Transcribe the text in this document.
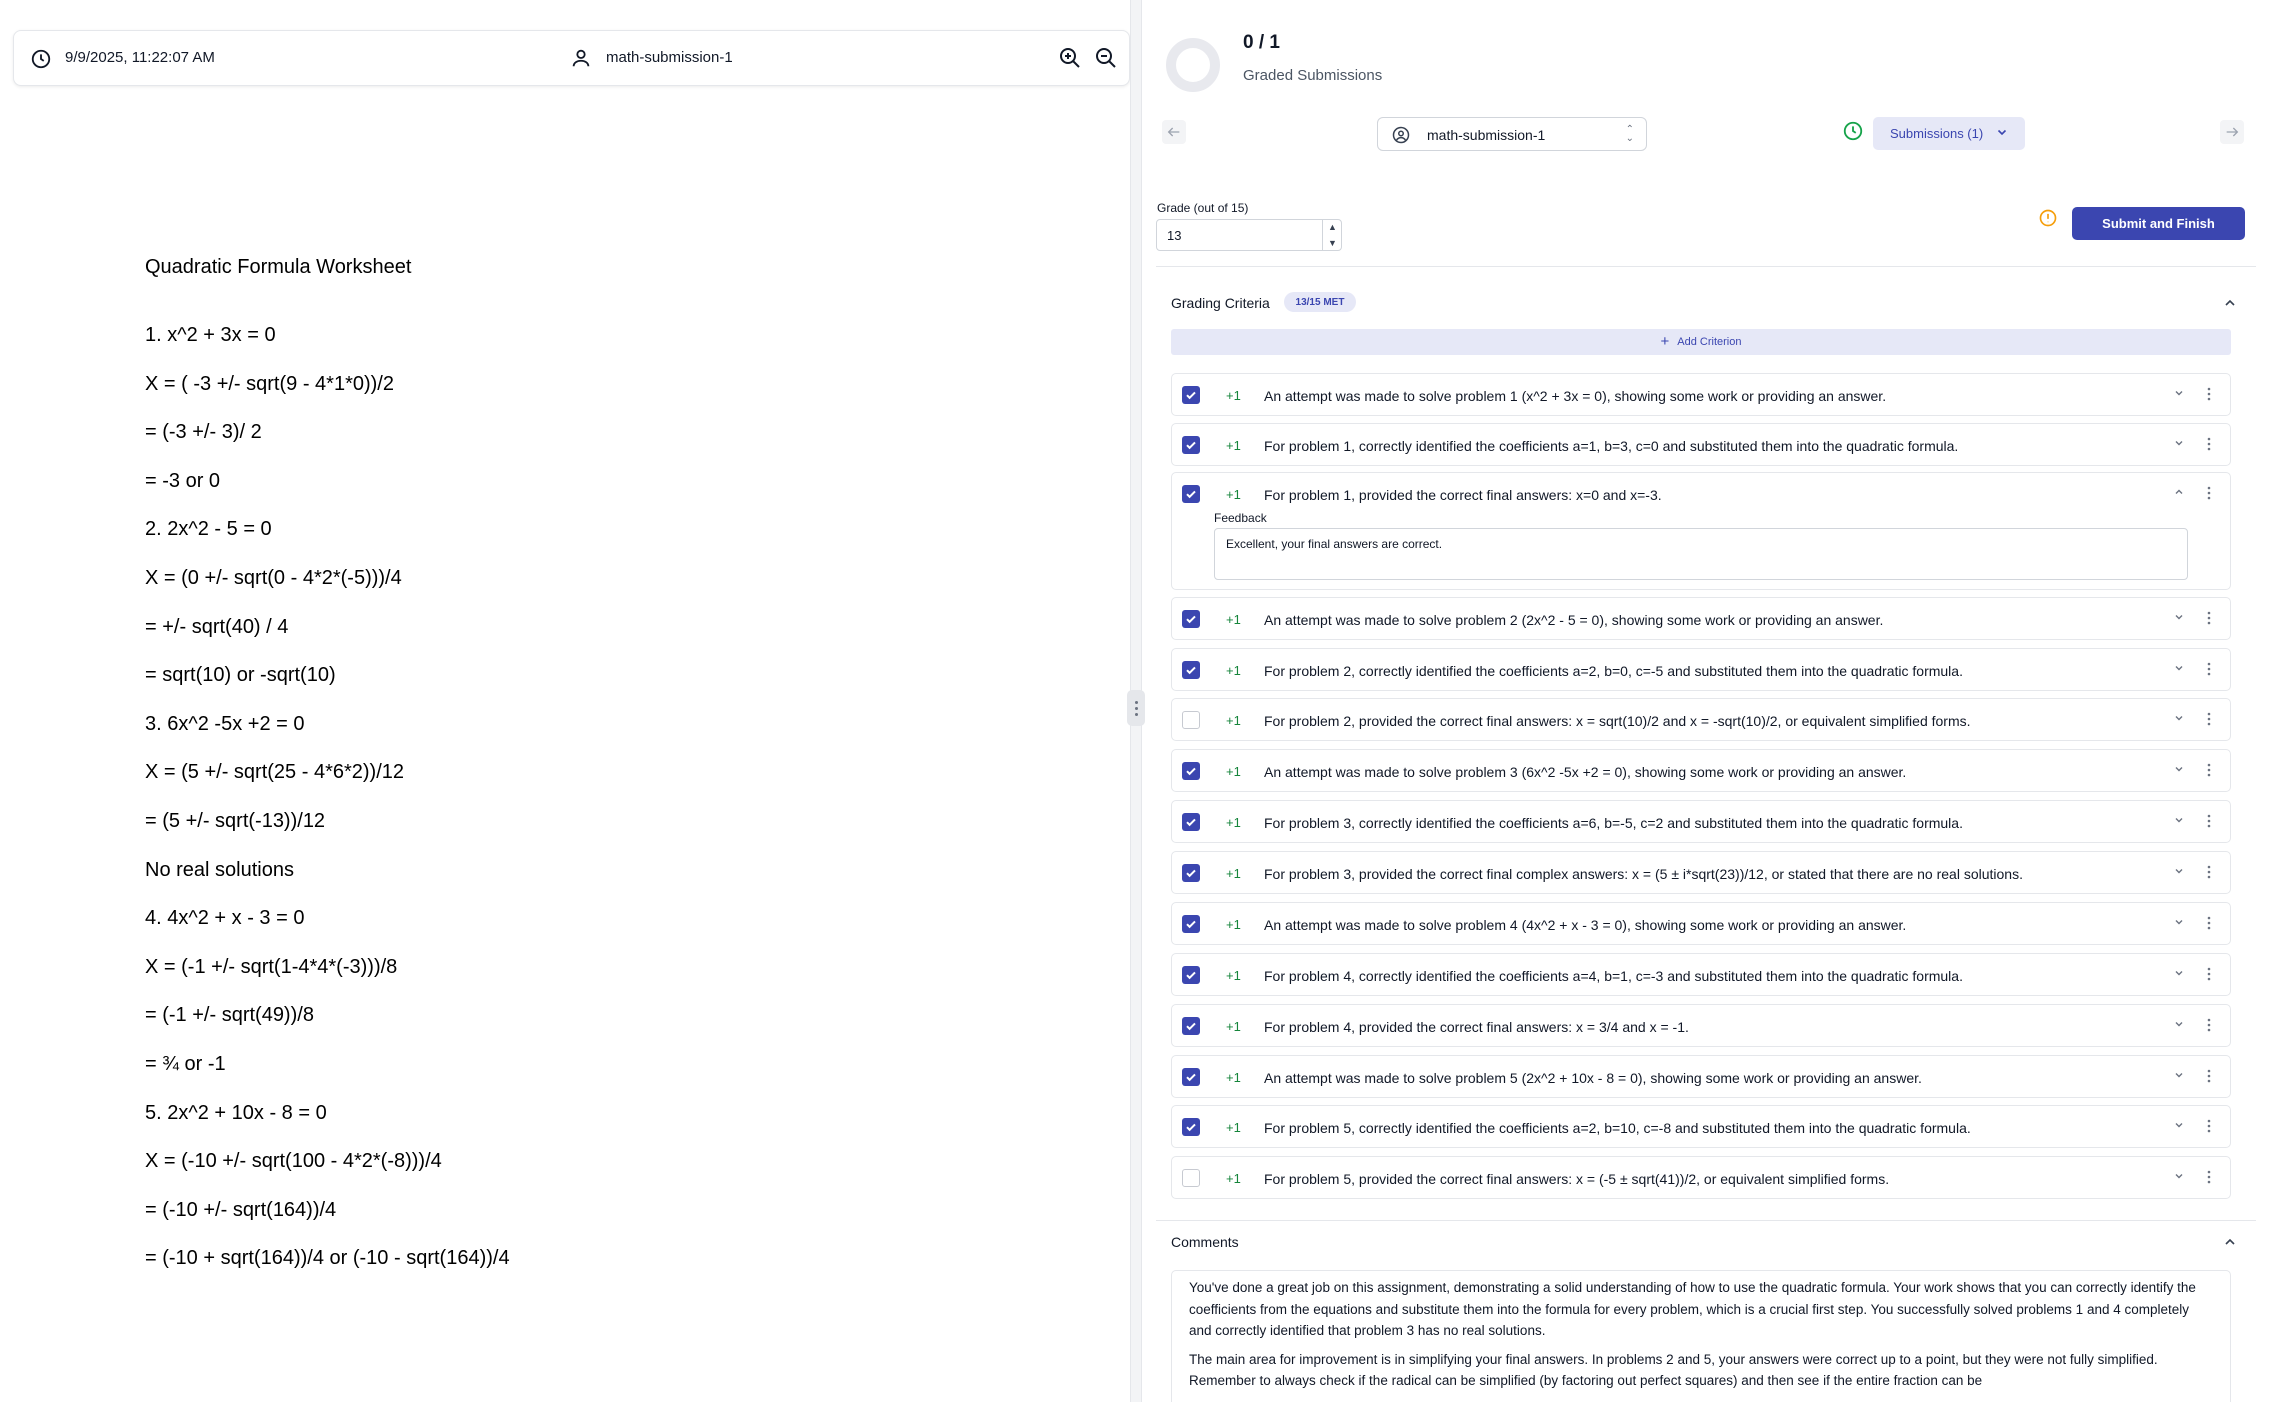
9/9/2025, 11:22:07 AM	math-submission-1
Quadratic Formula Worksheet
1. x^2 + 3x = 0
X = ( -3 +/- sqrt(9 - 4*1*0))/2
= (-3 +/- 3)/ 2
= -3 or 0
2. 2x^2 - 5 = 0
X = (0 +/- sqrt(0 - 4*2*(-5)))/4
= +/- sqrt(40) / 4
= sqrt(10) or -sqrt(10)
3. 6x^2 -5x +2 = 0
X = (5 +/- sqrt(25 - 4*6*2))/12
= (5 +/- sqrt(-13))/12
No real solutions
4. 4x^2 + x - 3 = 0
X = (-1 +/- sqrt(1-4*4*(-3)))/8
= (-1 +/- sqrt(49))/8
= ¾ or -1
5. 2x^2 + 10x - 8 = 0
X = (-10 +/- sqrt(100 - 4*2*(-8)))/4
= (-10 +/- sqrt(164))/4
= (-10 + sqrt(164))/4 or (-10 - sqrt(164))/4
0 / 1
Graded Submissions
math-submission-1	⌃
⌄	Submissions (1)
Grade (out of 15)
13
▲
▼
Submit and Finish
Grading Criteria	13/15 MET
+ Add Criterion
+1 An attempt was made to solve problem 1 (x^2 + 3x = 0), showing some work or providing an answer.
+1 For problem 1, correctly identified the coefficients a=1, b=3, c=0 and substituted them into the quadratic formula.
+1 For problem 1, provided the correct final answers: x=0 and x=-3.
Feedback
Excellent, your final answers are correct.
+1 An attempt was made to solve problem 2 (2x^2 - 5 = 0), showing some work or providing an answer.
+1 For problem 2, correctly identified the coefficients a=2, b=0, c=-5 and substituted them into the quadratic formula.
+1 For problem 2, provided the correct final answers: x = sqrt(10)/2 and x = -sqrt(10)/2, or equivalent simplified forms.
+1 An attempt was made to solve problem 3 (6x^2 -5x +2 = 0), showing some work or providing an answer.
+1 For problem 3, correctly identified the coefficients a=6, b=-5, c=2 and substituted them into the quadratic formula.
+1 For problem 3, provided the correct final complex answers: x = (5 ± i*sqrt(23))/12, or stated that there are no real solutions.
+1 An attempt was made to solve problem 4 (4x^2 + x - 3 = 0), showing some work or providing an answer.
+1 For problem 4, correctly identified the coefficients a=4, b=1, c=-3 and substituted them into the quadratic formula.
+1 For problem 4, provided the correct final answers: x = 3/4 and x = -1.
+1 An attempt was made to solve problem 5 (2x^2 + 10x - 8 = 0), showing some work or providing an answer.
+1 For problem 5, correctly identified the coefficients a=2, b=10, c=-8 and substituted them into the quadratic formula.
+1 For problem 5, provided the correct final answers: x = (-5 ± sqrt(41))/2, or equivalent simplified forms.
Comments

You've done a great job on this assignment, demonstrating a solid understanding of how to use the quadratic formula. Your work shows that you can correctly identify the coefficients from the equations and substitute them into the formula for every problem, which is a crucial first step. You successfully solved problems 1 and 4 completely and correctly identified that problem 3 has no real solutions.

The main area for improvement is in simplifying your final answers. In problems 2 and 5, your answers were correct up to a point, but they were not fully simplified. Remember to always check if the radical can be simplified (by factoring out perfect squares) and then see if the entire fraction can be
